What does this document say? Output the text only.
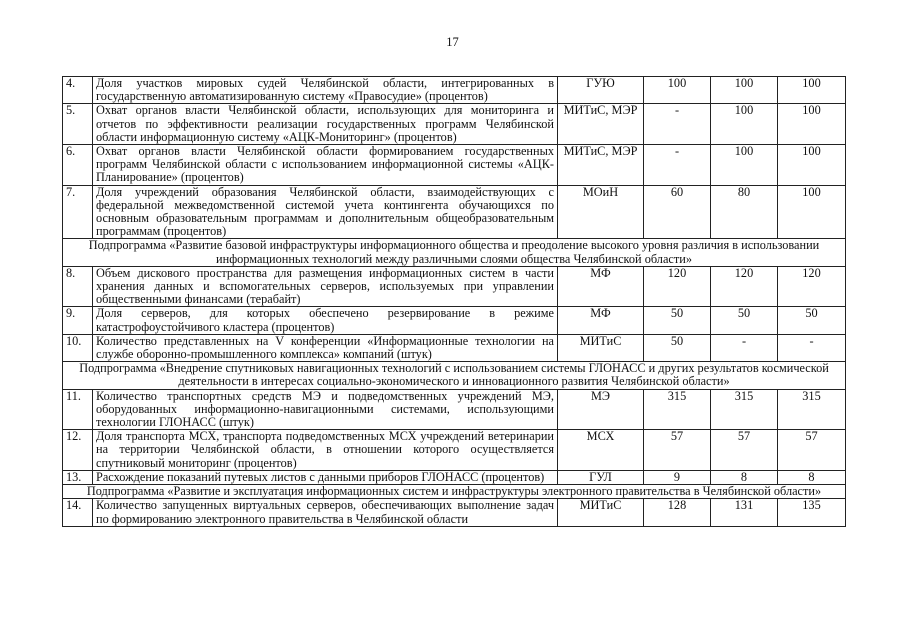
17
4.	Доля участков мировых судей Челябинской области, интегрированных в государственную автоматизированную систему «Правосудие» (процентов)	ГУЮ	100	100	100
5.	Охват органов власти Челябинской области, использующих для мониторинга и отчетов по эффективности реализации государственных программ Челябинской области информационную систему «АЦК-Мониторинг» (процентов)	МИТиС, МЭР	-	100	100
6.	Охват органов власти Челябинской области формированием государственных программ Челябинской области с использованием информационной системы «АЦК-Планирование» (процентов)	МИТиС, МЭР	-	100	100
7.	Доля учреждений образования Челябинской области, взаимодействующих с федеральной межведомственной системой учета контингента обучающихся по основным образовательным программам и дополнительным общеобразовательным программам (процентов)	МОиН	60	80	100
Подпрограмма «Развитие базовой инфраструктуры информационного общества и преодоление высокого уровня различия в использовании информационных технологий между различными слоями общества Челябинской области»					
8.	Объем дискового пространства для размещения информационных систем в части хранения данных и вспомогательных серверов, используемых при управлении общественными финансами (терабайт)	МФ	120	120	120
9.	Доля серверов, для которых обеспечено резервирование в режиме катастрофоустойчивого кластера (процентов)	МФ	50	50	50
10.	Количество представленных на V конференции «Информационные технологии на службе оборонно-промышленного комплекса» компаний (штук)	МИТиС	50	-	-
Подпрограмма «Внедрение спутниковых навигационных технологий с использованием системы ГЛОНАСС и других результатов космической деятельности в интересах социально-экономического и инновационного развития Челябинской области»					
11.	Количество транспортных средств МЭ и подведомственных учреждений МЭ, оборудованных информационно-навигационными системами, использующими технологии ГЛОНАСС (штук)	МЭ	315	315	315
12.	Доля транспорта МСХ, транспорта подведомственных МСХ учреждений ветеринарии на территории Челябинской области, в отношении которого осуществляется спутниковый мониторинг (процентов)	МСХ	57	57	57
13.	Расхождение показаний путевых листов с данными приборов ГЛОНАСС (процентов)	ГУЛ	9	8	8
Подпрограмма «Развитие и эксплуатация информационных систем и инфраструктуры электронного правительства в Челябинской области»					
14.	Количество запущенных виртуальных серверов, обеспечивающих выполнение задач по формированию электронного правительства в Челябинской области	МИТиС	128	131	135
